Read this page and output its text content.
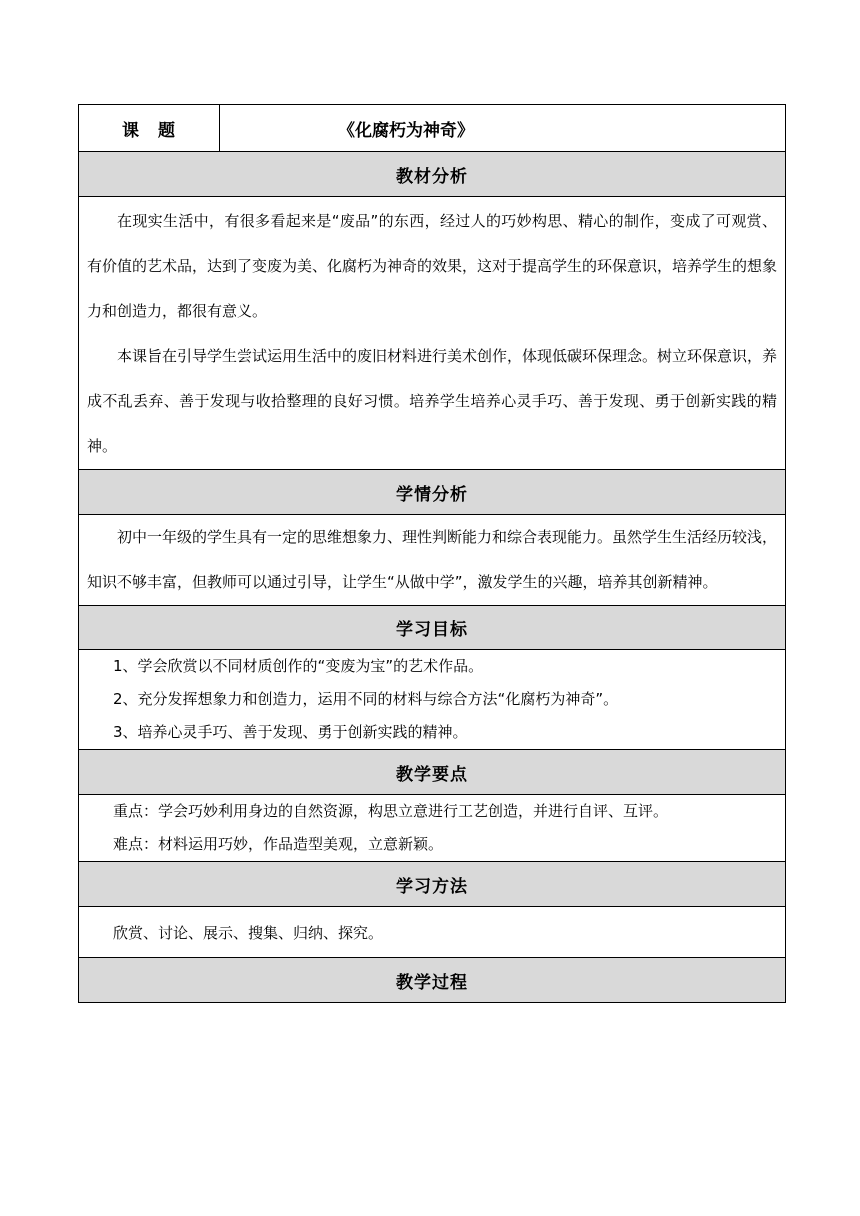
课　题	《化腐朽为神奇》
教材分析

在现实生活中，有很多看起来是“废品”的东西，经过人的巧妙构思、精心的制作，变成了可观赏、有价值的艺术品，达到了变废为美、化腐朽为神奇的效果，这对于提高学生的环保意识，培养学生的想象力和创造力，都很有意义。

本课旨在引导学生尝试运用生活中的废旧材料进行美术创作，体现低碳环保理念。树立环保意识，养成不乱丢弃、善于发现与收拾整理的良好习惯。培养学生培养心灵手巧、善于发现、勇于创新实践的精神。

学情分析

初中一年级的学生具有一定的思维想象力、理性判断能力和综合表现能力。虽然学生生活经历较浅，知识不够丰富，但教师可以通过引导，让学生“从做中学”，激发学生的兴趣，培养其创新精神。

学习目标

1、学会欣赏以不同材质创作的“变废为宝”的艺术作品。

2、充分发挥想象力和创造力，运用不同的材料与综合方法“化腐朽为神奇”。

3、培养心灵手巧、善于发现、勇于创新实践的精神。

教学要点

重点：学会巧妙利用身边的自然资源，构思立意进行工艺创造，并进行自评、互评。

难点：材料运用巧妙，作品造型美观，立意新颖。

学习方法
欣赏、讨论、展示、搜集、归纳、探究。
教学过程
